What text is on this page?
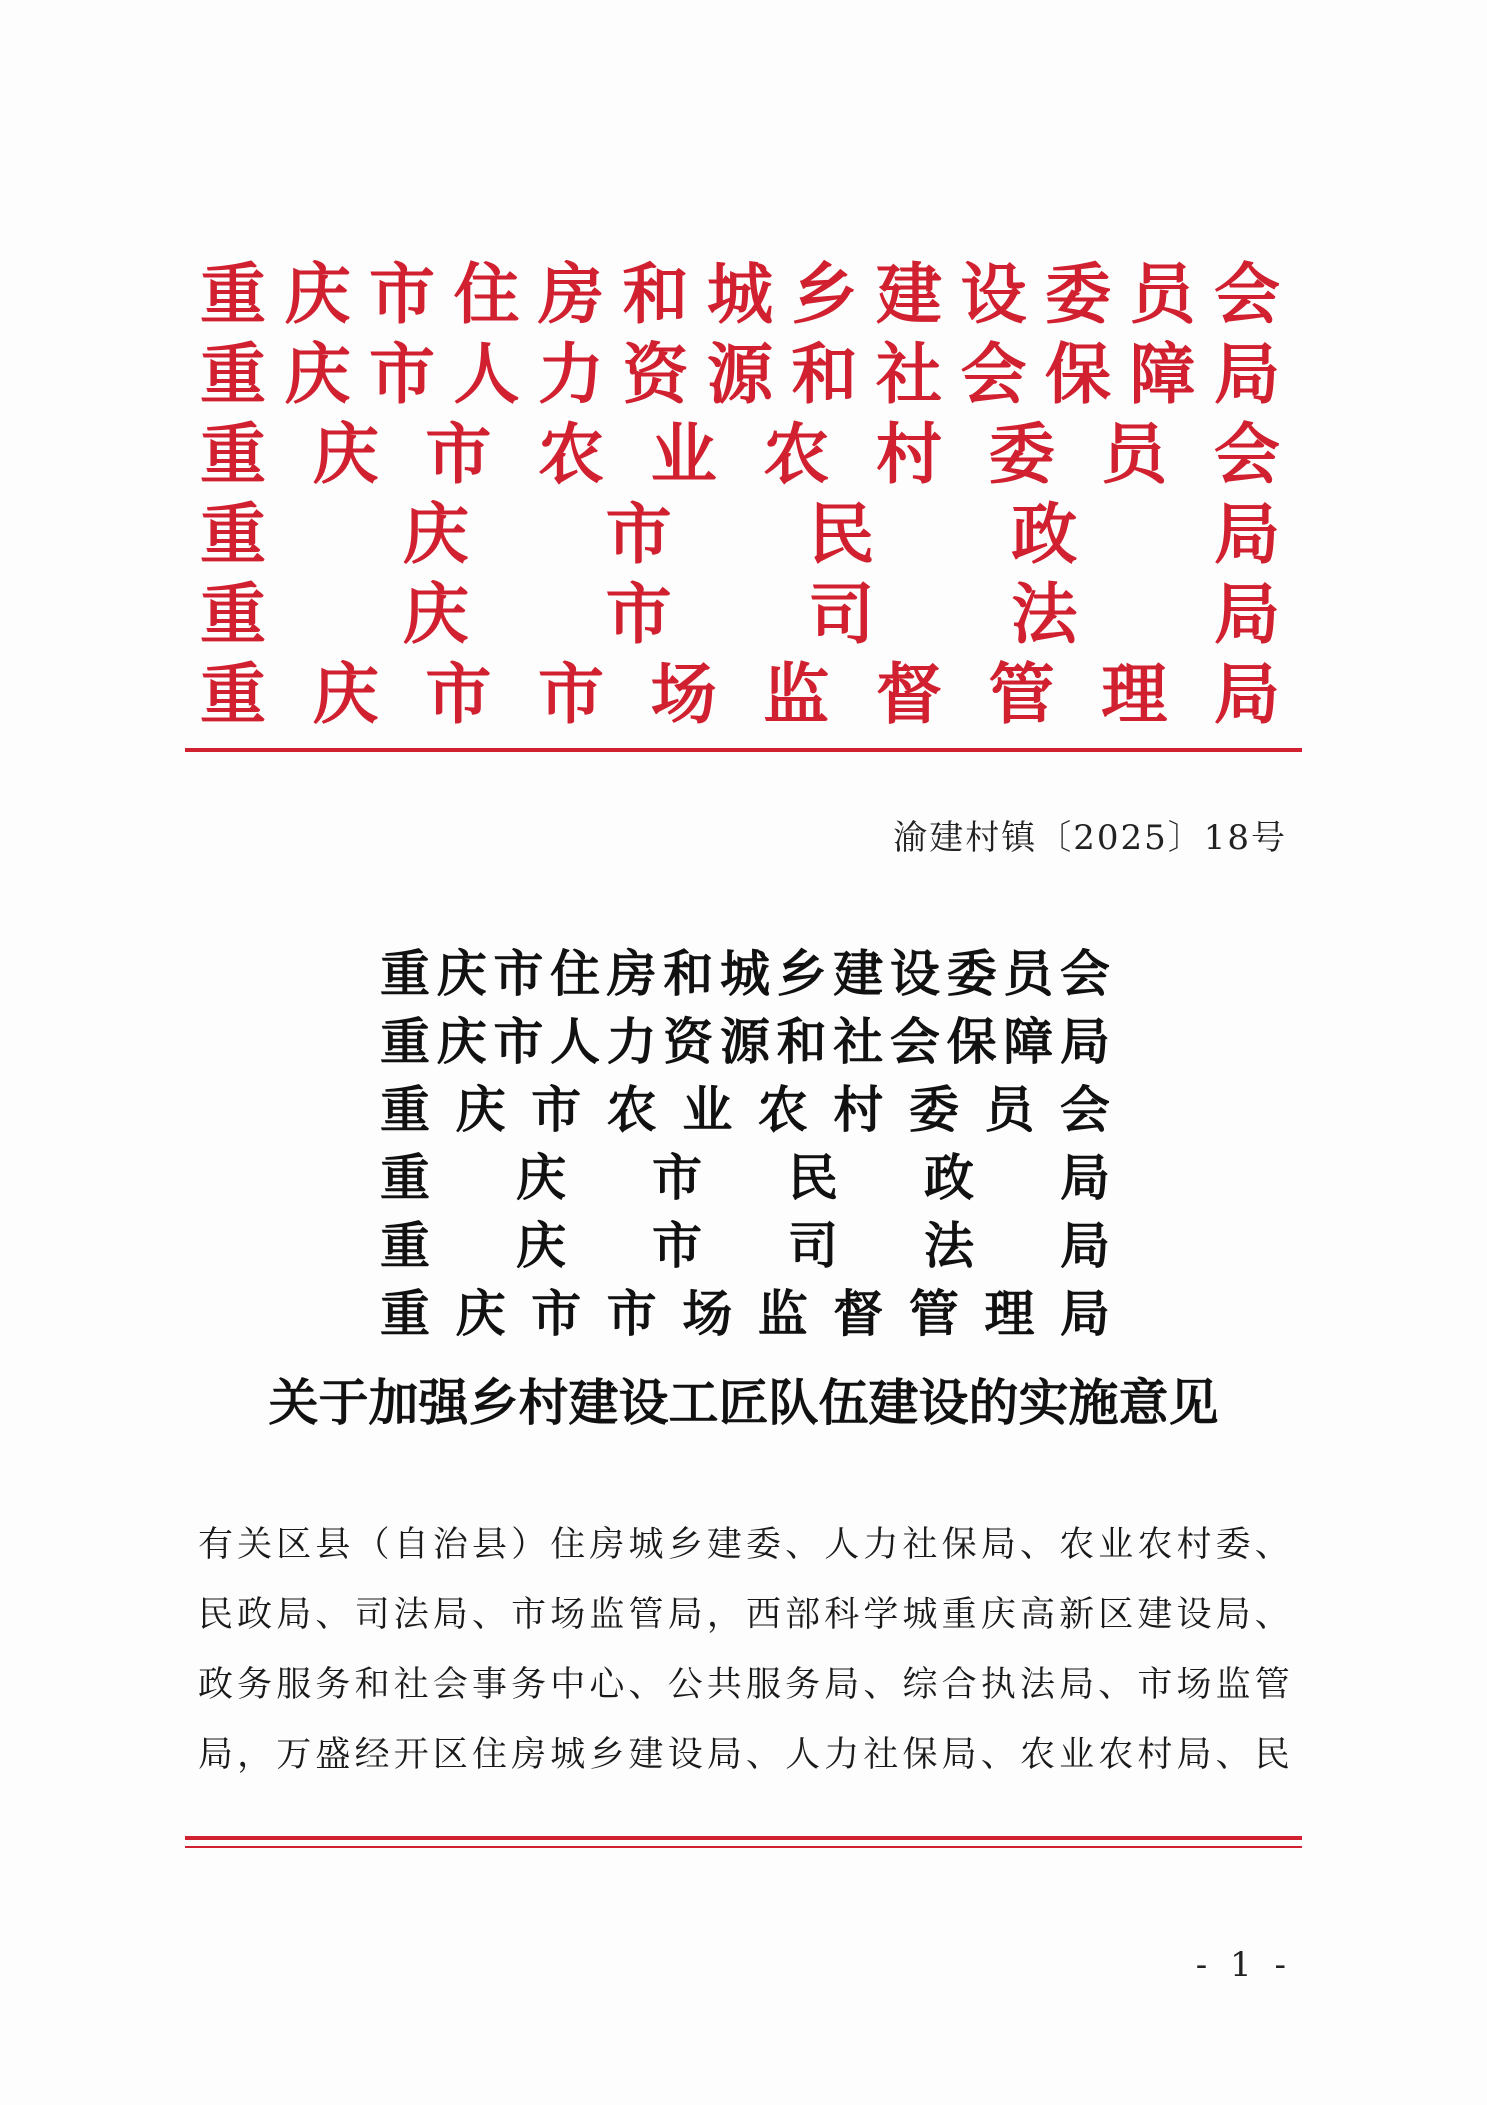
重 庆 市 住 房 和 城 乡 建 设 委 员 会
重 庆 市 人 力 资 源 和 社 会 保 障 局
重 庆 市 农 业 农 村 委 员 会
重 庆 市 民 政 局
重 庆 市 司 法 局
重 庆 市 市 场 监 督 管 理 局
渝建村镇〔2025〕18号
重 庆 市 住 房 和 城 乡 建 设 委 员 会
重 庆 市 人 力 资 源 和 社 会 保 障 局
重 庆 市 农 业 农 村 委 员 会
重 庆 市 民 政 局
重 庆 市 司 法 局
重 庆 市 市 场 监 督 管 理 局
关于加强乡村建设工匠队伍建设的实施意见
有 关 区 县 （ 自 治 县 ） 住 房 城 乡 建 委 、 人 力 社 保 局 、 农 业 农 村 委 、
民 政 局 、 司 法 局 、 市 场 监 管 局 ， 西 部 科 学 城 重 庆 高 新 区 建 设 局 、
政 务 服 务 和 社 会 事 务 中 心 、 公 共 服 务 局 、 综 合 执 法 局 、 市 场 监 管
局 ， 万 盛 经 开 区 住 房 城 乡 建 设 局 、 人 力 社 保 局 、 农 业 农 村 局 、 民
- 1 -
